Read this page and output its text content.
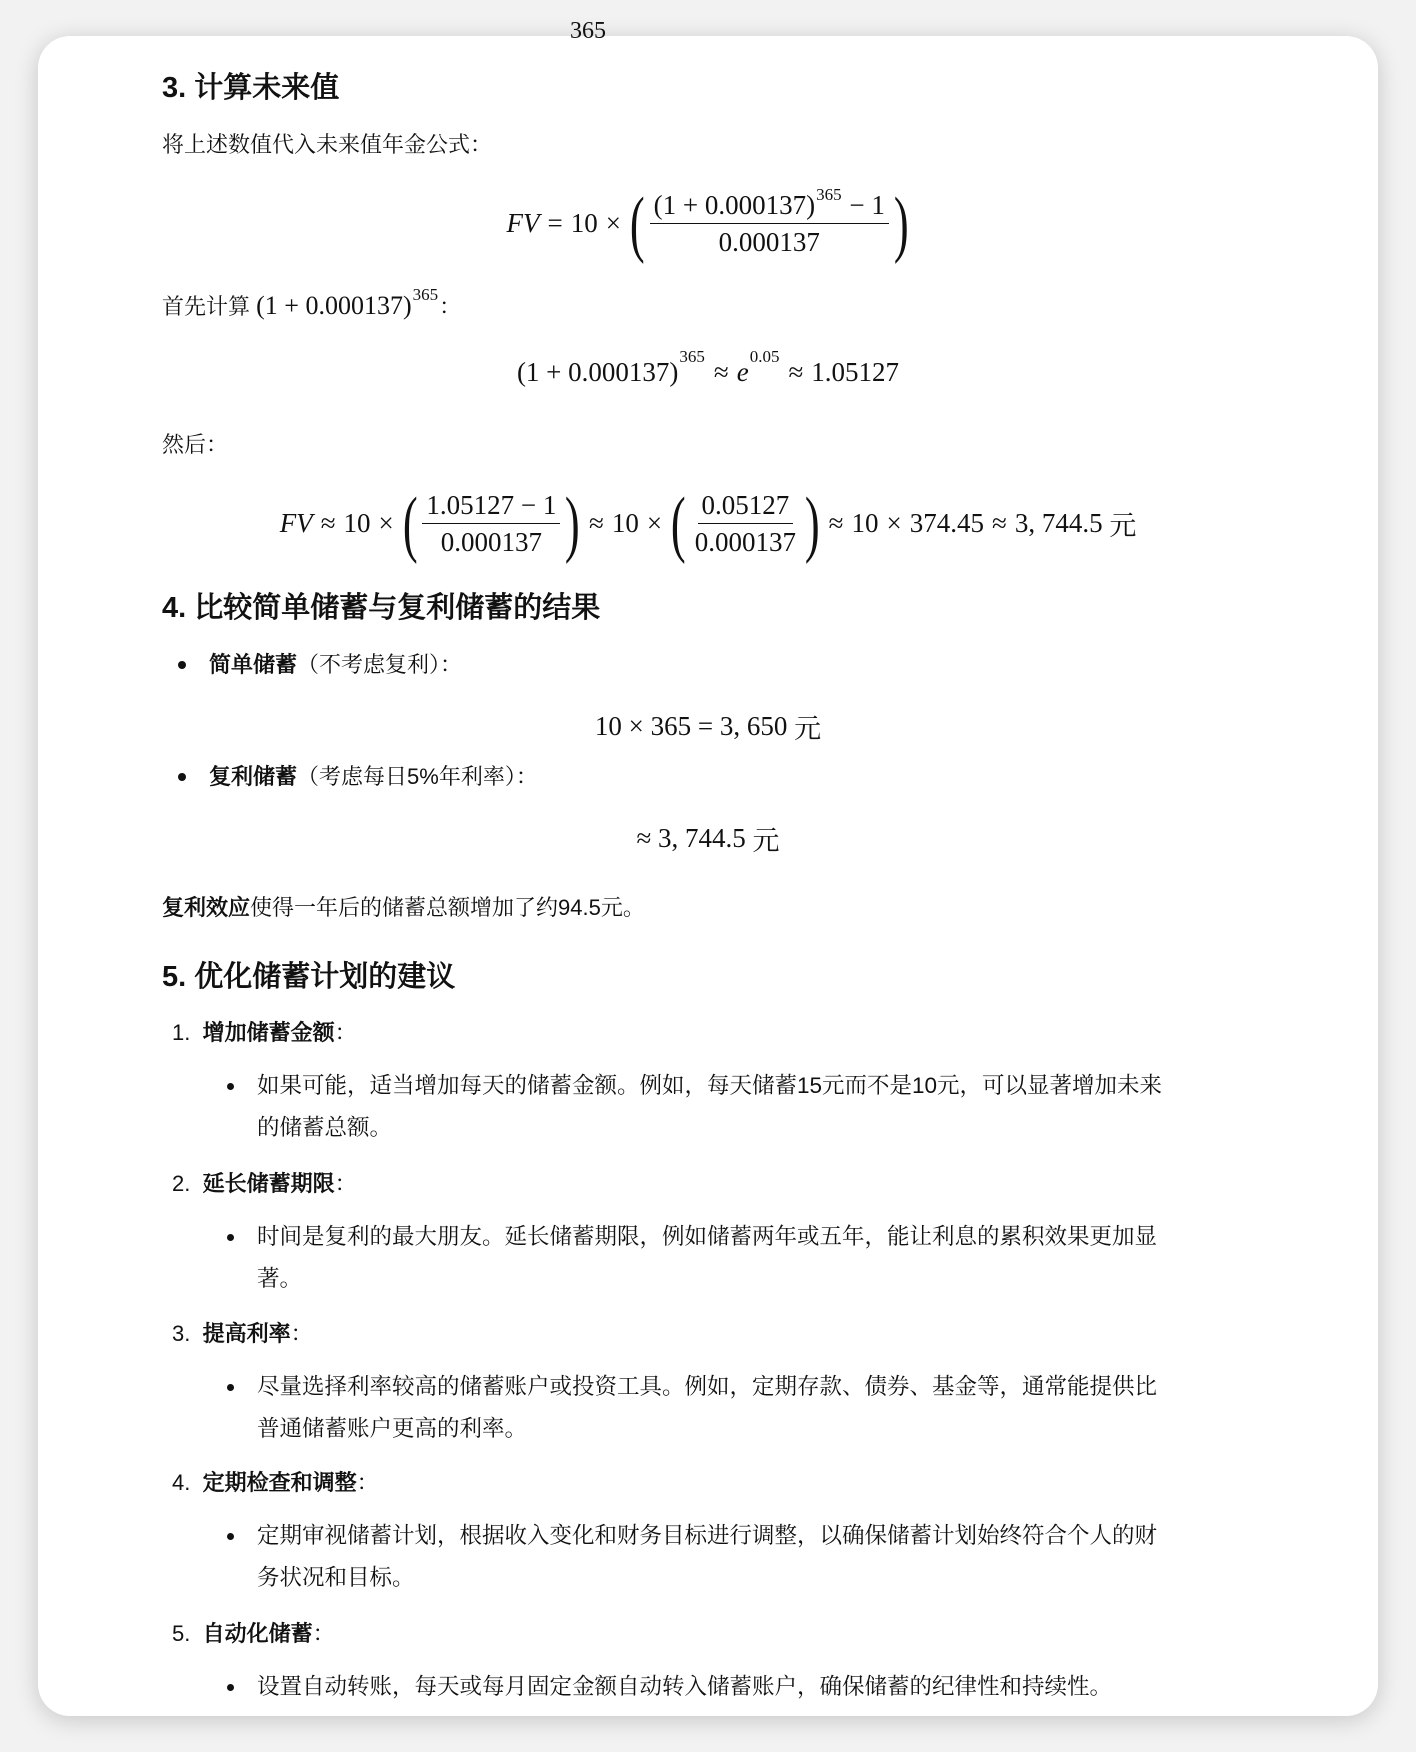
365
3. 计算未来值
将上述数值代入未来值年金公式：
FV = 10 × ( $\frac{(1 + 0.000137)^{365} - 1}{0.000137}$ )
首先计算 $(1 + 0.000137)^{365}$：
$(1 + 0.000137)^{365} \approx e^{0.05} \approx 1.05127$
然后：
FV ≈ 10 × ( $\frac{1.05127 - 1}{0.000137}$ ) ≈ 10 × ( $\frac{0.05127}{0.000137}$ ) ≈ 10 × 374.45 ≈ 3, 744.5
元
4. 比较简单储蓄与复利储蓄的结果
简单储蓄（不考虑复利）：
10 × 365 = 3, 650
元
复利储蓄（考虑每日5%年利率）：
≈ 3, 744.5
元
复利效应使得一年后的储蓄总额增加了约94.5元。
5. 优化储蓄计划的建议
1. 增加储蓄金额：
如果可能，适当增加每天的储蓄金额。例如，每天储蓄15元而不是10元，可以显著增加未来
的储蓄总额。
2. 延长储蓄期限：
时间是复利的最大朋友。延长储蓄期限，例如储蓄两年或五年，能让利息的累积效果更加显
著。
3. 提高利率：
尽量选择利率较高的储蓄账户或投资工具。例如，定期存款、债券、基金等，通常能提供比
普通储蓄账户更高的利率。
4. 定期检查和调整：
定期审视储蓄计划，根据收入变化和财务目标进行调整，以确保储蓄计划始终符合个人的财
务状况和目标。
5. 自动化储蓄：
设置自动转账，每天或每月固定金额自动转入储蓄账户，确保储蓄的纪律性和持续性。
